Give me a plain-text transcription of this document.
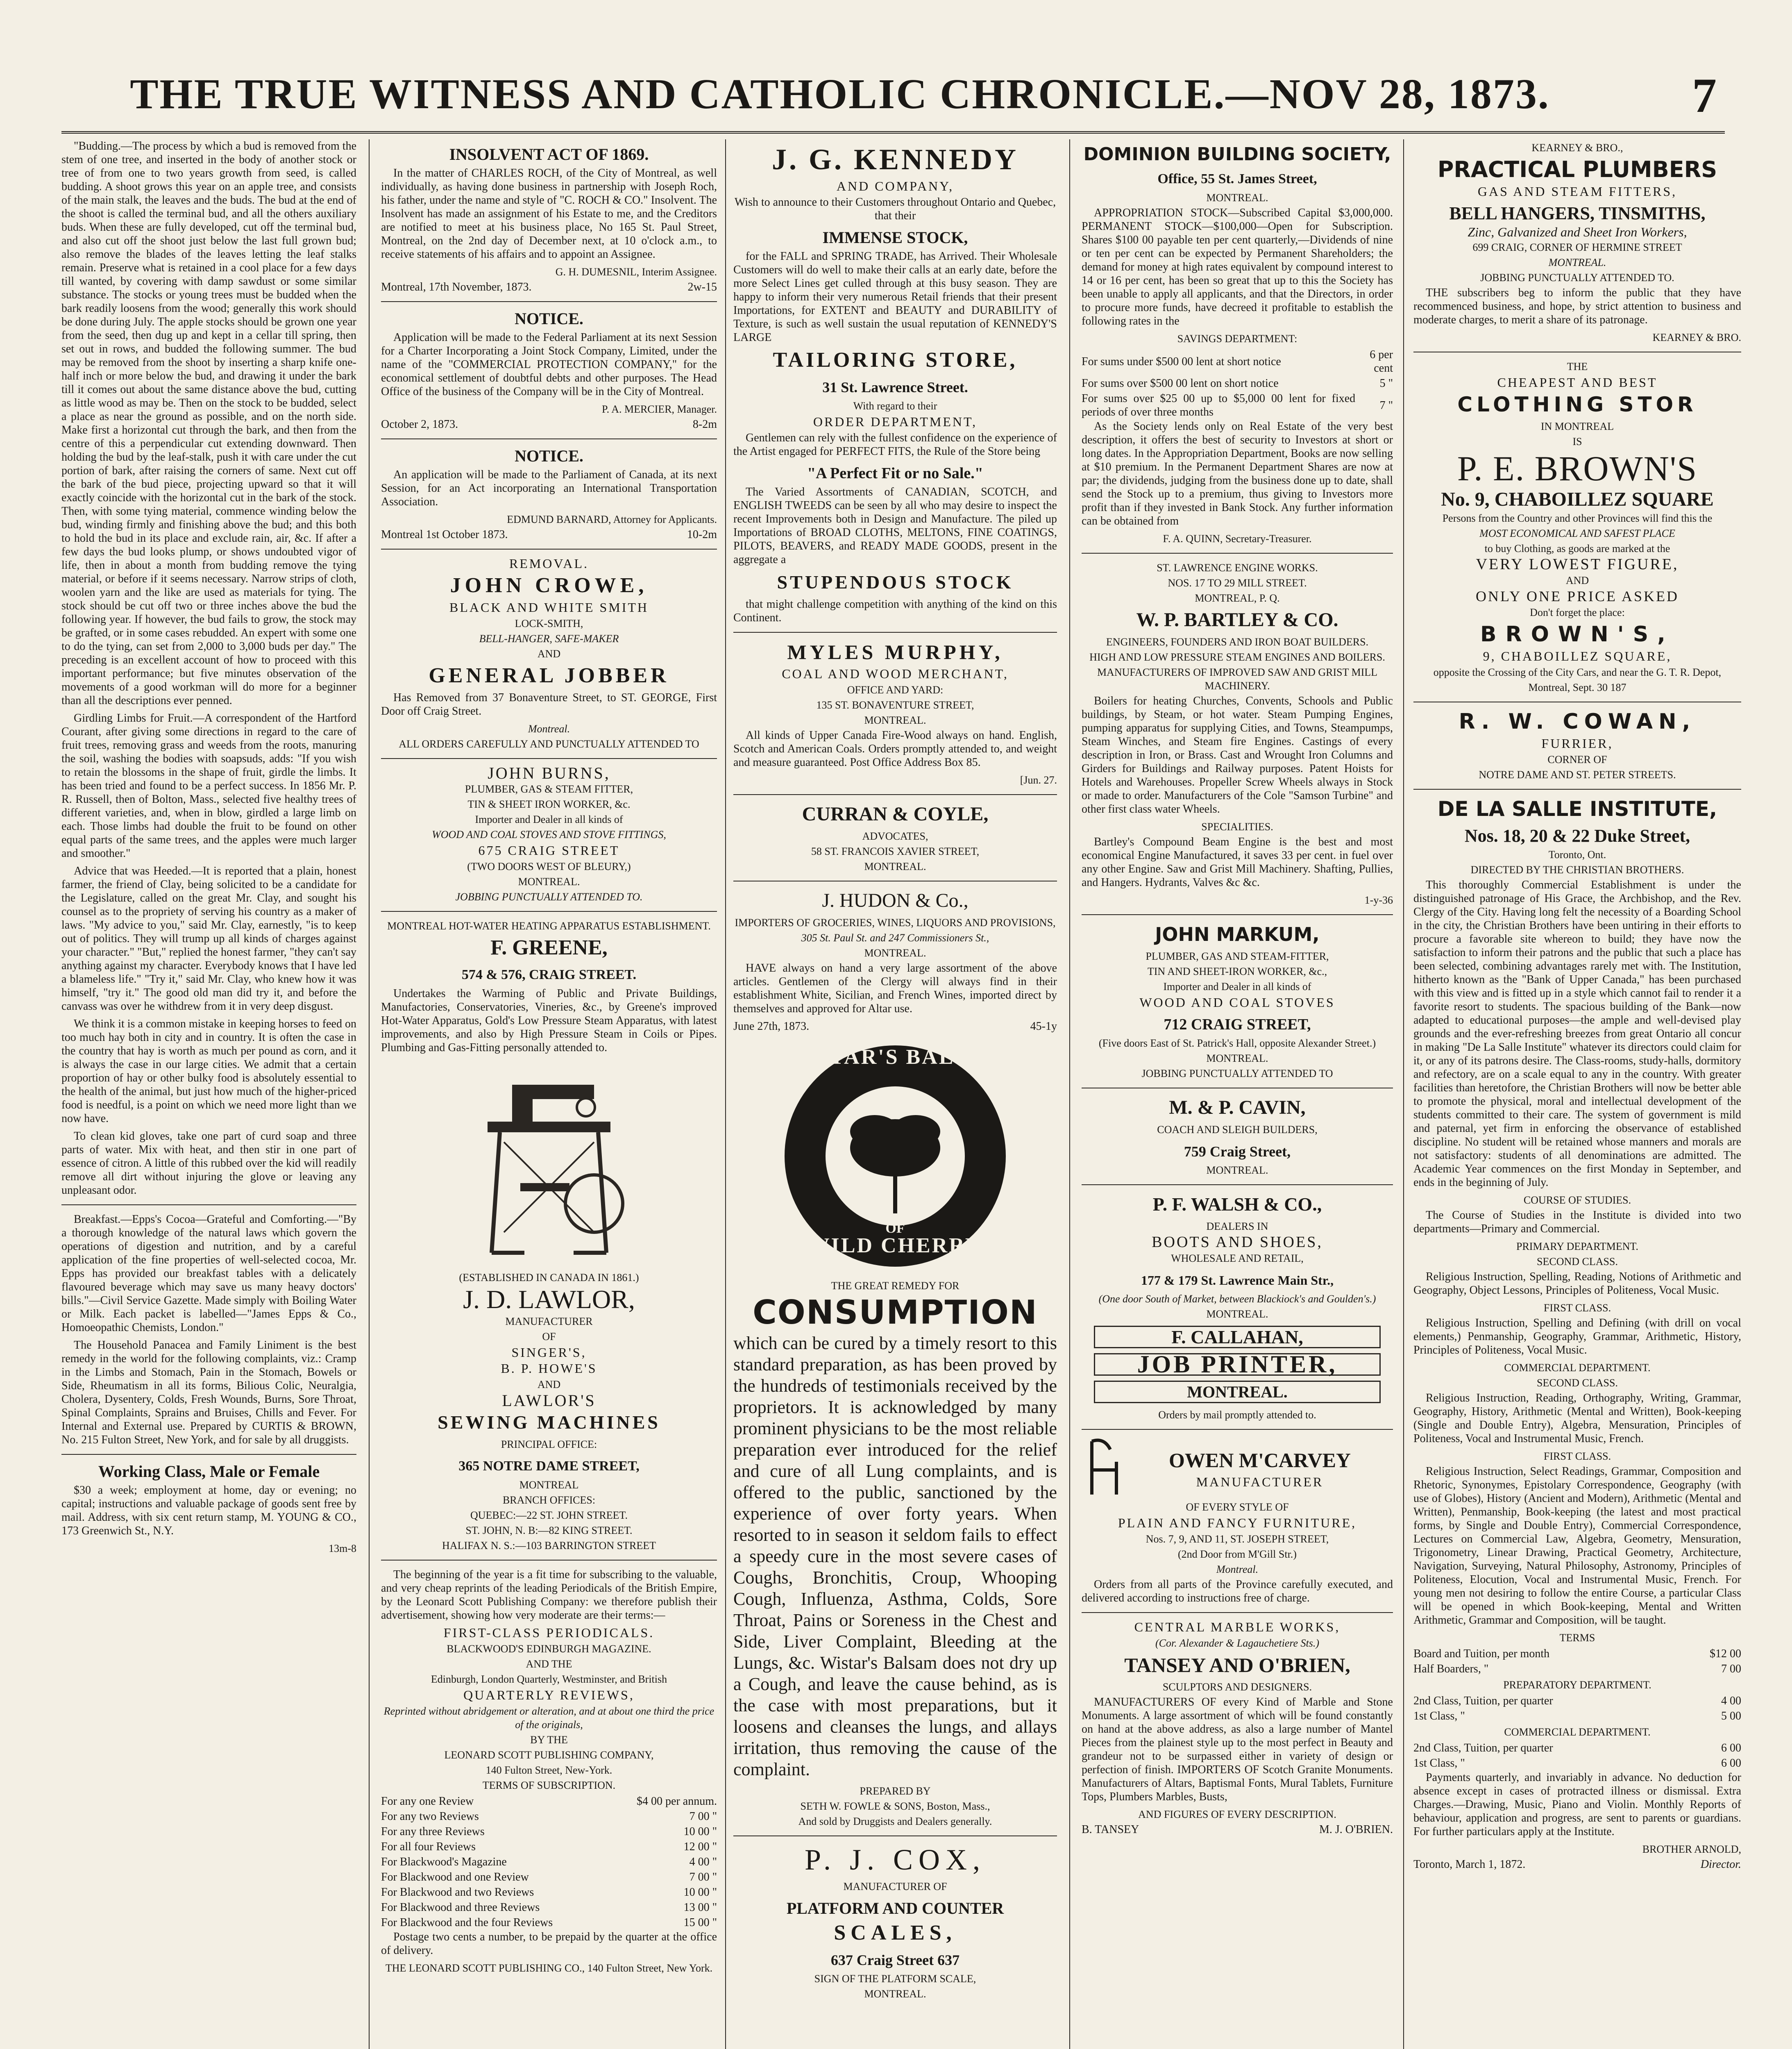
THE TRUE WITNESS AND CATHOLIC CHRONICLE.—NOV 28, 1873.	7

"Budding.—The process by which a bud is removed from the stem of one tree, and inserted in the body of another stock or tree of from one to two years growth from seed, is called budding. A shoot grows this year on an apple tree, and consists of the main stalk, the leaves and the buds. The bud at the end of the shoot is called the terminal bud, and all the others auxiliary buds. When these are fully developed, cut off the terminal bud, and also cut off the shoot just below the last full grown bud; also remove the blades of the leaves letting the leaf stalks remain. Preserve what is retained in a cool place for a few days till wanted, by covering with damp sawdust or some similar substance. The stocks or young trees must be budded when the bark readily loosens from the wood; generally this work should be done during July. The apple stocks should be grown one year from the seed, then dug up and kept in a cellar till spring, then set out in rows, and budded the following summer. The bud may be removed from the shoot by inserting a sharp knife one-half inch or more below the bud, and drawing it under the bark till it comes out about the same distance above the bud, cutting as little wood as may be. Then on the stock to be budded, select a place as near the ground as possible, and on the north side. Make first a horizontal cut through the bark, and then from the centre of this a perpendicular cut extending downward. Then holding the bud by the leaf-stalk, push it with care under the cut portion of bark, after raising the corners of same. Next cut off the bark of the bud piece, projecting upward so that it will exactly coincide with the horizontal cut in the bark of the stock. Then, with some tying material, commence winding below the bud, winding firmly and finishing above the bud; and this both to hold the bud in its place and exclude rain, air, &c. If after a few days the bud looks plump, or shows undoubted vigor of life, then in about a month from budding remove the tying material, or before if it seems necessary. Narrow strips of cloth, woolen yarn and the like are used as materials for tying. The stock should be cut off two or three inches above the bud the following year. If however, the bud fails to grow, the stock may be grafted, or in some cases rebudded. An expert with some one to do the tying, can set from 2,000 to 3,000 buds per day." The preceding is an excellent account of how to proceed with this important performance; but five minutes observation of the movements of a good workman will do more for a beginner than all the descriptions ever penned.

Girdling Limbs for Fruit.—A correspondent of the Hartford Courant, after giving some directions in regard to the care of fruit trees, removing grass and weeds from the roots, manuring the soil, washing the bodies with soapsuds, adds: "If you wish to retain the blossoms in the shape of fruit, girdle the limbs. It has been tried and found to be a perfect success. In 1856 Mr. P. R. Russell, then of Bolton, Mass., selected five healthy trees of different varieties, and, when in blow, girdled a large limb on each. Those limbs had double the fruit to be found on other equal parts of the same trees, and the apples were much larger and smoother."

Advice that was Heeded.—It is reported that a plain, honest farmer, the friend of Clay, being solicited to be a candidate for the Legislature, called on the great Mr. Clay, and sought his counsel as to the propriety of serving his country as a maker of laws. "My advice to you," said Mr. Clay, earnestly, "is to keep out of politics. They will trump up all kinds of charges against your character." "But," replied the honest farmer, "they can't say anything against my character. Everybody knows that I have led a blameless life." "Try it," said Mr. Clay, who knew how it was himself, "try it." The good old man did try it, and before the canvass was over he withdrew from it in very deep disgust.

We think it is a common mistake in keeping horses to feed on too much hay both in city and in country. It is often the case in the country that hay is worth as much per pound as corn, and it is always the case in our large cities. We admit that a certain proportion of hay or other bulky food is absolutely essential to the health of the animal, but just how much of the higher-priced food is needful, is a point on which we need more light than we now have.

To clean kid gloves, take one part of curd soap and three parts of water. Mix with heat, and then stir in one part of essence of citron. A little of this rubbed over the kid will readily remove all dirt without injuring the glove or leaving any unpleasant odor.

Breakfast.—Epps's Cocoa—Grateful and Comforting.—"By a thorough knowledge of the natural laws which govern the operations of digestion and nutrition, and by a careful application of the fine properties of well-selected cocoa, Mr. Epps has provided our breakfast tables with a delicately flavoured beverage which may save us many heavy doctors' bills."—Civil Service Gazette. Made simply with Boiling Water or Milk. Each packet is labelled—"James Epps & Co., Homoeopathic Chemists, London."

The Household Panacea and Family Liniment is the best remedy in the world for the following complaints, viz.: Cramp in the Limbs and Stomach, Pain in the Stomach, Bowels or Side, Rheumatism in all its forms, Bilious Colic, Neuralgia, Cholera, Dysentery, Colds, Fresh Wounds, Burns, Sore Throat, Spinal Complaints, Sprains and Bruises, Chills and Fever. For Internal and External use. Prepared by CURTIS & BROWN, No. 215 Fulton Street, New York, and for sale by all druggists.

Working Class, Male or Female

$30 a week; employment at home, day or evening; no capital; instructions and valuable package of goods sent free by mail. Address, with six cent return stamp, M. YOUNG & CO., 173 Greenwich St., N.Y.

13m-8
INSOLVENT ACT OF 1869.

In the matter of CHARLES ROCH, of the City of Montreal, as well individually, as having done business in partnership with Joseph Roch, his father, under the name and style of "C. ROCH & CO." Insolvent. The Insolvent has made an assignment of his Estate to me, and the Creditors are notified to meet at his business place, No 165 St. Paul Street, Montreal, on the 2nd day of December next, at 10 o'clock a.m., to receive statements of his affairs and to appoint an Assignee.

G. H. DUMESNIL, Interim Assignee.
Montreal, 17th November, 1873.	2w-15
NOTICE.

Application will be made to the Federal Parliament at its next Session for a Charter Incorporating a Joint Stock Company, Limited, under the name of the "COMMERCIAL PROTECTION COMPANY," for the economical settlement of doubtful debts and other purposes. The Head Office of the business of the Company will be in the City of Montreal.

P. A. MERCIER, Manager.
October 2, 1873.	8-2m
NOTICE.

An application will be made to the Parliament of Canada, at its next Session, for an Act incorporating an International Transportation Association.

EDMUND BARNARD, Attorney for Applicants.
Montreal 1st October 1873.	10-2m
REMOVAL.
JOHN CROWE,
BLACK AND WHITE SMITH
LOCK-SMITH,
BELL-HANGER, SAFE-MAKER
AND
GENERAL JOBBER

Has Removed from 37 Bonaventure Street, to ST. GEORGE, First Door off Craig Street.

Montreal.
ALL ORDERS CAREFULLY AND PUNCTUALLY ATTENDED TO
JOHN BURNS,
PLUMBER, GAS & STEAM FITTER,
TIN & SHEET IRON WORKER, &c.
Importer and Dealer in all kinds of
WOOD AND COAL STOVES AND STOVE FITTINGS,
675 CRAIG STREET
(TWO DOORS WEST OF BLEURY,)
MONTREAL.
JOBBING PUNCTUALLY ATTENDED TO.
MONTREAL HOT-WATER HEATING APPARATUS ESTABLISHMENT.
F. GREENE,
574 & 576, CRAIG STREET.

Undertakes the Warming of Public and Private Buildings, Manufactories, Conservatories, Vineries, &c., by Greene's improved Hot-Water Apparatus, Gold's Low Pressure Steam Apparatus, with latest improvements, and also by High Pressure Steam in Coils or Pipes. Plumbing and Gas-Fitting personally attended to.

(ESTABLISHED IN CANADA IN 1861.)
J. D. LAWLOR,
MANUFACTURER
OF
SINGER'S,
B. P. HOWE'S
AND
LAWLOR'S
SEWING MACHINES
PRINCIPAL OFFICE:
365 NOTRE DAME STREET,
MONTREAL
BRANCH OFFICES:
QUEBEC:—22 ST. JOHN STREET.
ST. JOHN, N. B:—82 KING STREET.
HALIFAX N. S.:—103 BARRINGTON STREET

The beginning of the year is a fit time for subscribing to the valuable, and very cheap reprints of the leading Periodicals of the British Empire, by the Leonard Scott Publishing Company: we therefore publish their advertisement, showing how very moderate are their terms:—

FIRST-CLASS PERIODICALS.
BLACKWOOD'S EDINBURGH MAGAZINE.
AND THE
Edinburgh, London Quarterly, Westminster, and British
QUARTERLY REVIEWS,
Reprinted without abridgement or alteration, and at about one third the price of the originals,
BY THE
LEONARD SCOTT PUBLISHING COMPANY,
140 Fulton Street, New-York.
TERMS OF SUBSCRIPTION.
For any one Review	$4 00 per annum.
For any two Reviews	7 00 "
For any three Reviews	10 00 "
For all four Reviews	12 00 "
For Blackwood's Magazine	4 00 "
For Blackwood and one Review	7 00 "
For Blackwood and two Reviews	10 00 "
For Blackwood and three Reviews	13 00 "
For Blackwood and the four Reviews	15 00 "

Postage two cents a number, to be prepaid by the quarter at the office of delivery.

THE LEONARD SCOTT PUBLISHING CO., 140 Fulton Street, New York.
J. G. KENNEDY
AND COMPANY,

Wish to announce to their Customers throughout Ontario and Quebec, that their

IMMENSE STOCK,

for the FALL and SPRING TRADE, has Arrived. Their Wholesale Customers will do well to make their calls at an early date, before the more Select Lines get culled through at this busy season. They are happy to inform their very numerous Retail friends that their present Importations, for EXTENT and BEAUTY and DURABILITY of Texture, is such as well sustain the usual reputation of KENNEDY'S LARGE

TAILORING STORE,
31 St. Lawrence Street.
With regard to their
ORDER DEPARTMENT,

Gentlemen can rely with the fullest confidence on the experience of the Artist engaged for PERFECT FITS, the Rule of the Store being

"A Perfect Fit or no Sale."

The Varied Assortments of CANADIAN, SCOTCH, and ENGLISH TWEEDS can be seen by all who may desire to inspect the recent Improvements both in Design and Manufacture. The piled up Importations of BROAD CLOTHS, MELTONS, FINE COATINGS, PILOTS, BEAVERS, and READY MADE GOODS, present in the aggregate a

STUPENDOUS STOCK

that might challenge competition with anything of the kind on this Continent.

MYLES MURPHY,
COAL AND WOOD MERCHANT,
OFFICE AND YARD:
135 ST. BONAVENTURE STREET,
MONTREAL.

All kinds of Upper Canada Fire-Wood always on hand. English, Scotch and American Coals. Orders promptly attended to, and weight and measure guaranteed. Post Office Address Box 85.

[Jun. 27.
CURRAN & COYLE,
ADVOCATES,
58 ST. FRANCOIS XAVIER STREET,
MONTREAL.
J. HUDON & Co.,
IMPORTERS OF GROCERIES, WINES, LIQUORS AND PROVISIONS,
305 St. Paul St. and 247 Commissioners St.,
MONTREAL.

HAVE always on hand a very large assortment of the above articles. Gentlemen of the Clergy will always find in their establishment White, Sicilian, and French Wines, imported direct by themselves and approved for Altar use.

June 27th, 1873.	45-1y
WISTAR'S BALSAM
OF
WILD CHERRY
THE GREAT REMEDY FOR
CONSUMPTION

which can be cured by a timely resort to this standard preparation, as has been proved by the hundreds of testimonials received by the proprietors. It is acknowledged by many prominent physicians to be the most reliable preparation ever introduced for the relief and cure of all Lung complaints, and is offered to the public, sanctioned by the experience of over forty years. When resorted to in season it seldom fails to effect a speedy cure in the most severe cases of Coughs, Bronchitis, Croup, Whooping Cough, Influenza, Asthma, Colds, Sore Throat, Pains or Soreness in the Chest and Side, Liver Complaint, Bleeding at the Lungs, &c. Wistar's Balsam does not dry up a Cough, and leave the cause behind, as is the case with most preparations, but it loosens and cleanses the lungs, and allays irritation, thus removing the cause of the complaint.

PREPARED BY
SETH W. FOWLE & SONS, Boston, Mass.,
And sold by Druggists and Dealers generally.
P. J. COX,
MANUFACTURER OF
PLATFORM AND COUNTER
SCALES,
637 Craig Street 637
SIGN OF THE PLATFORM SCALE,
MONTREAL.
DOMINION BUILDING SOCIETY,
Office, 55 St. James Street,
MONTREAL.

APPROPRIATION STOCK—Subscribed Capital $3,000,000. PERMANENT STOCK—$100,000—Open for Subscription. Shares $100 00 payable ten per cent quarterly,—Dividends of nine or ten per cent can be expected by Permanent Shareholders; the demand for money at high rates equivalent by compound interest to 14 or 16 per cent, has been so great that up to this the Society has been unable to apply all applicants, and that the Directors, in order to procure more funds, have decreed it profitable to establish the following rates in the

SAVINGS DEPARTMENT:
For sums under $500 00 lent at short notice	6 per cent
For sums over $500 00 lent on short notice	5 "
For sums over $25 00 up to $5,000 00 lent for fixed periods of over three months	7 "

As the Society lends only on Real Estate of the very best description, it offers the best of security to Investors at short or long dates. In the Appropriation Department, Books are now selling at $10 premium. In the Permanent Department Shares are now at par; the dividends, judging from the business done up to date, shall send the Stock up to a premium, thus giving to Investors more profit than if they invested in Bank Stock. Any further information can be obtained from

F. A. QUINN, Secretary-Treasurer.
ST. LAWRENCE ENGINE WORKS.
NOS. 17 TO 29 MILL STREET.
MONTREAL, P. Q.
W. P. BARTLEY & CO.
ENGINEERS, FOUNDERS AND IRON BOAT BUILDERS.
HIGH AND LOW PRESSURE STEAM ENGINES AND BOILERS.
MANUFACTURERS OF IMPROVED SAW AND GRIST MILL MACHINERY.

Boilers for heating Churches, Convents, Schools and Public buildings, by Steam, or hot water. Steam Pumping Engines, pumping apparatus for supplying Cities, and Towns, Steampumps, Steam Winches, and Steam fire Engines. Castings of every description in Iron, or Brass. Cast and Wrought Iron Columns and Girders for Buildings and Railway purposes. Patent Hoists for Hotels and Warehouses. Propeller Screw Wheels always in Stock or made to order. Manufacturers of the Cole "Samson Turbine" and other first class water Wheels.

SPECIALITIES.

Bartley's Compound Beam Engine is the best and most economical Engine Manufactured, it saves 33 per cent. in fuel over any other Engine. Saw and Grist Mill Machinery. Shafting, Pullies, and Hangers. Hydrants, Valves &c &c.

1-y-36
JOHN MARKUM,
PLUMBER, GAS AND STEAM-FITTER,
TIN AND SHEET-IRON WORKER, &c.,
Importer and Dealer in all kinds of
WOOD AND COAL STOVES
712 CRAIG STREET,
(Five doors East of St. Patrick's Hall, opposite Alexander Street.)
MONTREAL.
JOBBING PUNCTUALLY ATTENDED TO
M. & P. CAVIN,
COACH AND SLEIGH BUILDERS,
759 Craig Street,
MONTREAL.
P. F. WALSH & CO.,
DEALERS IN
BOOTS AND SHOES,
WHOLESALE AND RETAIL,
177 & 179 St. Lawrence Main Str.,
(One door South of Market, between Blackiock's and Goulden's.)
MONTREAL.
F. CALLAHAN,
JOB PRINTER,
MONTREAL.
Orders by mail promptly attended to.
OWEN M'CARVEY
MANUFACTURER
OF EVERY STYLE OF
PLAIN AND FANCY FURNITURE,
Nos. 7, 9, AND 11, ST. JOSEPH STREET,
(2nd Door from M'Gill Str.)
Montreal.

Orders from all parts of the Province carefully executed, and delivered according to instructions free of charge.

CENTRAL MARBLE WORKS,
(Cor. Alexander & Lagauchetiere Sts.)
TANSEY AND O'BRIEN,
SCULPTORS AND DESIGNERS.

MANUFACTURERS OF every Kind of Marble and Stone Monuments. A large assortment of which will be found constantly on hand at the above address, as also a large number of Mantel Pieces from the plainest style up to the most perfect in Beauty and grandeur not to be surpassed either in variety of design or perfection of finish. IMPORTERS OF Scotch Granite Monuments. Manufacturers of Altars, Baptismal Fonts, Mural Tablets, Furniture Tops, Plumbers Marbles, Busts,

AND FIGURES OF EVERY DESCRIPTION.
B. TANSEY	M. J. O'BRIEN.
KEARNEY & BRO.,
PRACTICAL PLUMBERS
GAS AND STEAM FITTERS,
BELL HANGERS, TINSMITHS,
Zinc, Galvanized and Sheet Iron Workers,
699 CRAIG, CORNER OF HERMINE STREET
MONTREAL.
JOBBING PUNCTUALLY ATTENDED TO.

THE subscribers beg to inform the public that they have recommenced business, and hope, by strict attention to business and moderate charges, to merit a share of its patronage.

KEARNEY & BRO.
THE
CHEAPEST AND BEST
CLOTHING STOR
IN MONTREAL
IS
P. E. BROWN'S
No. 9, CHABOILLEZ SQUARE
Persons from the Country and other Provinces will find this the
MOST ECONOMICAL AND SAFEST PLACE
to buy Clothing, as goods are marked at the
VERY LOWEST FIGURE,
AND
ONLY ONE PRICE ASKED
Don't forget the place:
BROWN'S,
9, CHABOILLEZ SQUARE,
opposite the Crossing of the City Cars, and near the G. T. R. Depot,
Montreal, Sept. 30 187
R. W. COWAN,
FURRIER,
CORNER OF
NOTRE DAME AND ST. PETER STREETS.
DE LA SALLE INSTITUTE,
Nos. 18, 20 & 22 Duke Street,
Toronto, Ont.
DIRECTED BY THE CHRISTIAN BROTHERS.

This thoroughly Commercial Establishment is under the distinguished patronage of His Grace, the Archbishop, and the Rev. Clergy of the City. Having long felt the necessity of a Boarding School in the city, the Christian Brothers have been untiring in their efforts to procure a favorable site whereon to build; they have now the satisfaction to inform their patrons and the public that such a place has been selected, combining advantages rarely met with. The Institution, hitherto known as the "Bank of Upper Canada," has been purchased with this view and is fitted up in a style which cannot fail to render it a favorite resort to students. The spacious building of the Bank—now adapted to educational purposes—the ample and well-devised play grounds and the ever-refreshing breezes from great Ontario all concur in making "De La Salle Institute" whatever its directors could claim for it, or any of its patrons desire. The Class-rooms, study-halls, dormitory and refectory, are on a scale equal to any in the country. With greater facilities than heretofore, the Christian Brothers will now be better able to promote the physical, moral and intellectual development of the students committed to their care. The system of government is mild and paternal, yet firm in enforcing the observance of established discipline. No student will be retained whose manners and morals are not satisfactory: students of all denominations are admitted. The Academic Year commences on the first Monday in September, and ends in the beginning of July.

COURSE OF STUDIES.

The Course of Studies in the Institute is divided into two departments—Primary and Commercial.

PRIMARY DEPARTMENT.
SECOND CLASS.

Religious Instruction, Spelling, Reading, Notions of Arithmetic and Geography, Object Lessons, Principles of Politeness, Vocal Music.

FIRST CLASS.

Religious Instruction, Spelling and Defining (with drill on vocal elements,) Penmanship, Geography, Grammar, Arithmetic, History, Principles of Politeness, Vocal Music.

COMMERCIAL DEPARTMENT.
SECOND CLASS.

Religious Instruction, Reading, Orthography, Writing, Grammar, Geography, History, Arithmetic (Mental and Written), Book-keeping (Single and Double Entry), Algebra, Mensuration, Principles of Politeness, Vocal and Instrumental Music, French.

FIRST CLASS.

Religious Instruction, Select Readings, Grammar, Composition and Rhetoric, Synonymes, Epistolary Correspondence, Geography (with use of Globes), History (Ancient and Modern), Arithmetic (Mental and Written), Penmanship, Book-keeping (the latest and most practical forms, by Single and Double Entry), Commercial Correspondence, Lectures on Commercial Law, Algebra, Geometry, Mensuration, Trigonometry, Linear Drawing, Practical Geometry, Architecture, Navigation, Surveying, Natural Philosophy, Astronomy, Principles of Politeness, Elocution, Vocal and Instrumental Music, French. For young men not desiring to follow the entire Course, a particular Class will be opened in which Book-keeping, Mental and Written Arithmetic, Grammar and Composition, will be taught.

TERMS
Board and Tuition, per month	$12 00
Half Boarders, "	7 00
PREPARATORY DEPARTMENT.
2nd Class, Tuition, per quarter	4 00
1st Class, "	5 00
COMMERCIAL DEPARTMENT.
2nd Class, Tuition, per quarter	6 00
1st Class, "	6 00

Payments quarterly, and invariably in advance. No deduction for absence except in cases of protracted illness or dismissal. Extra Charges.—Drawing, Music, Piano and Violin. Monthly Reports of behaviour, application and progress, are sent to parents or guardians. For further particulars apply at the Institute.

BROTHER ARNOLD,
Toronto, March 1, 1872.	Director.
